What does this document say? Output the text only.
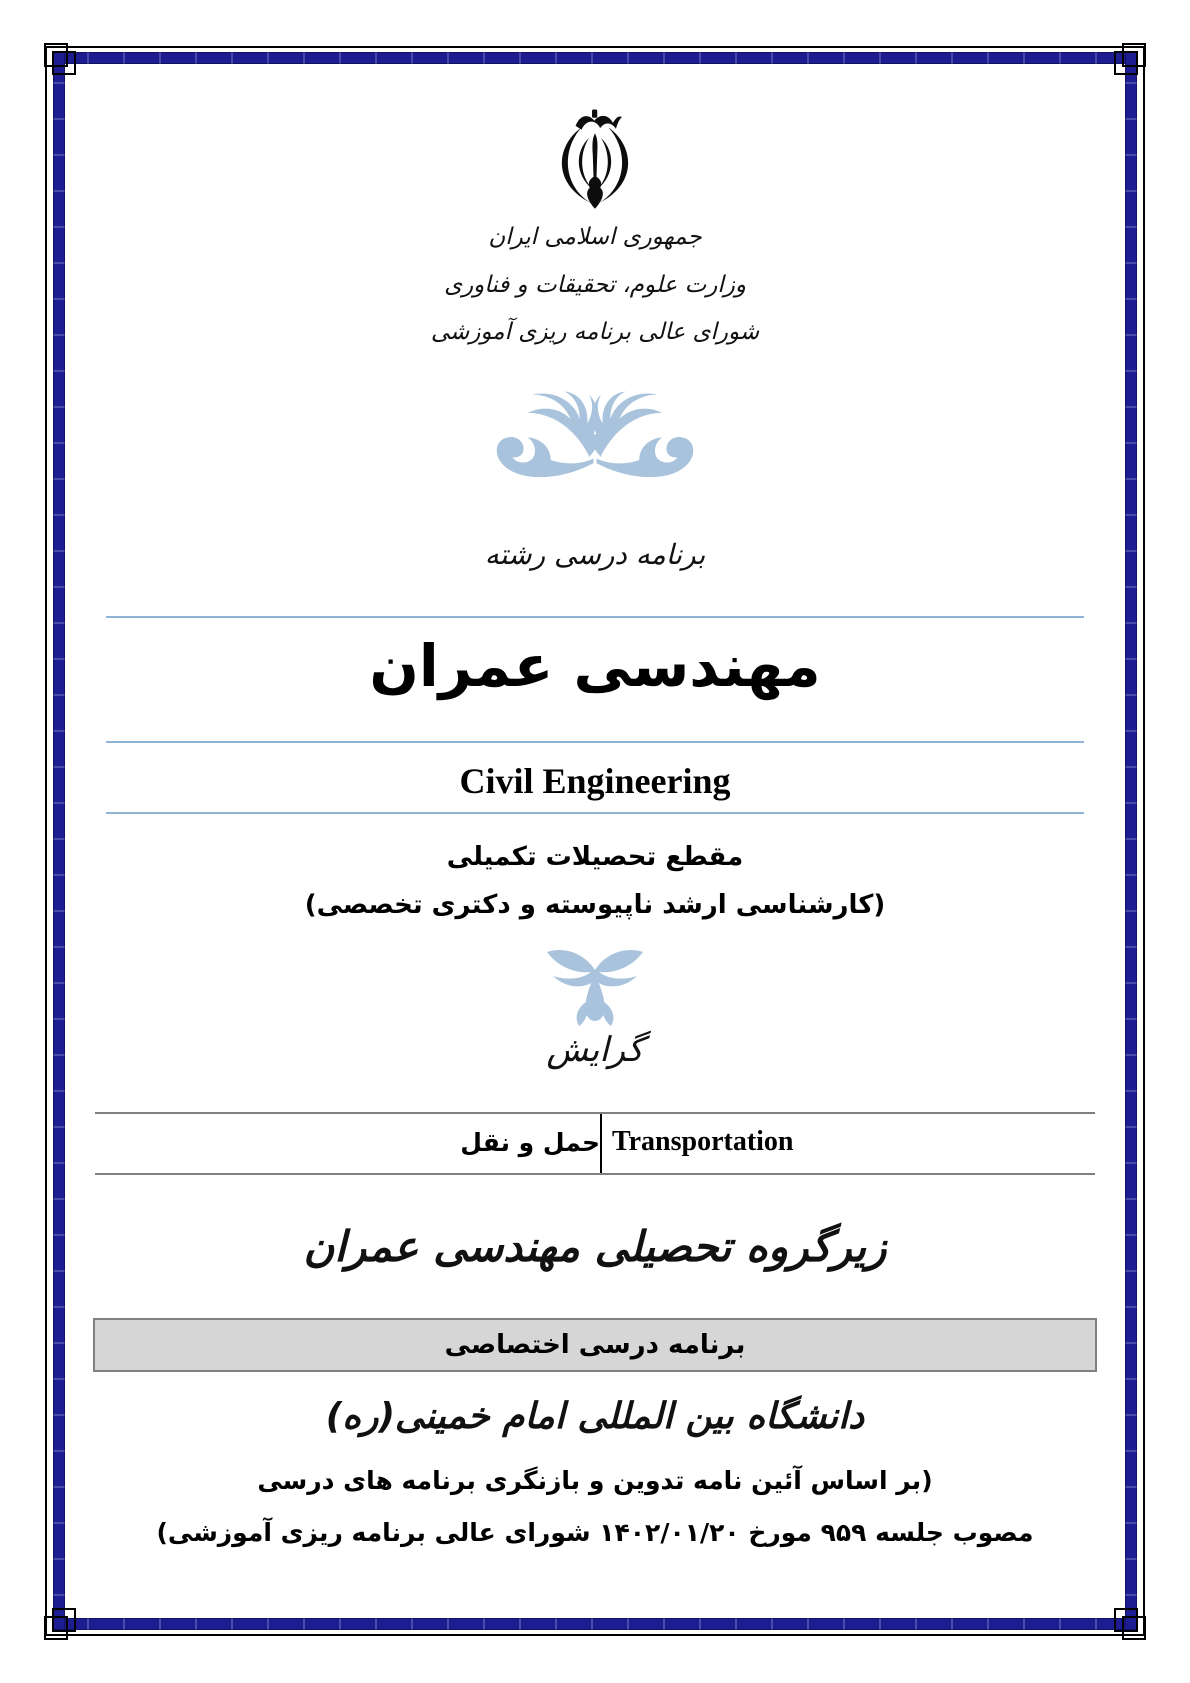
جمهوری اسلامی ایران
وزارت علوم، تحقیقات و فناوری
شورای عالی برنامه ریزی آموزشی
برنامه درسی رشته
مهندسی عمران
Civil Engineering
مقطع تحصیلات تکمیلی
(کارشناسی ارشد ناپیوسته و دکتری تخصصی)
گرایش
حمل و نقل Transportation
زیرگروه تحصیلی مهندسی عمران
برنامه درسی اختصاصی
دانشگاه بین المللی امام خمینی(ره)
(بر اساس آئین نامه تدوین و بازنگری برنامه های درسی
مصوب جلسه ۹۵۹ مورخ ۱۴۰۲/۰۱/۲۰ شورای عالی برنامه ریزی آموزشی)
